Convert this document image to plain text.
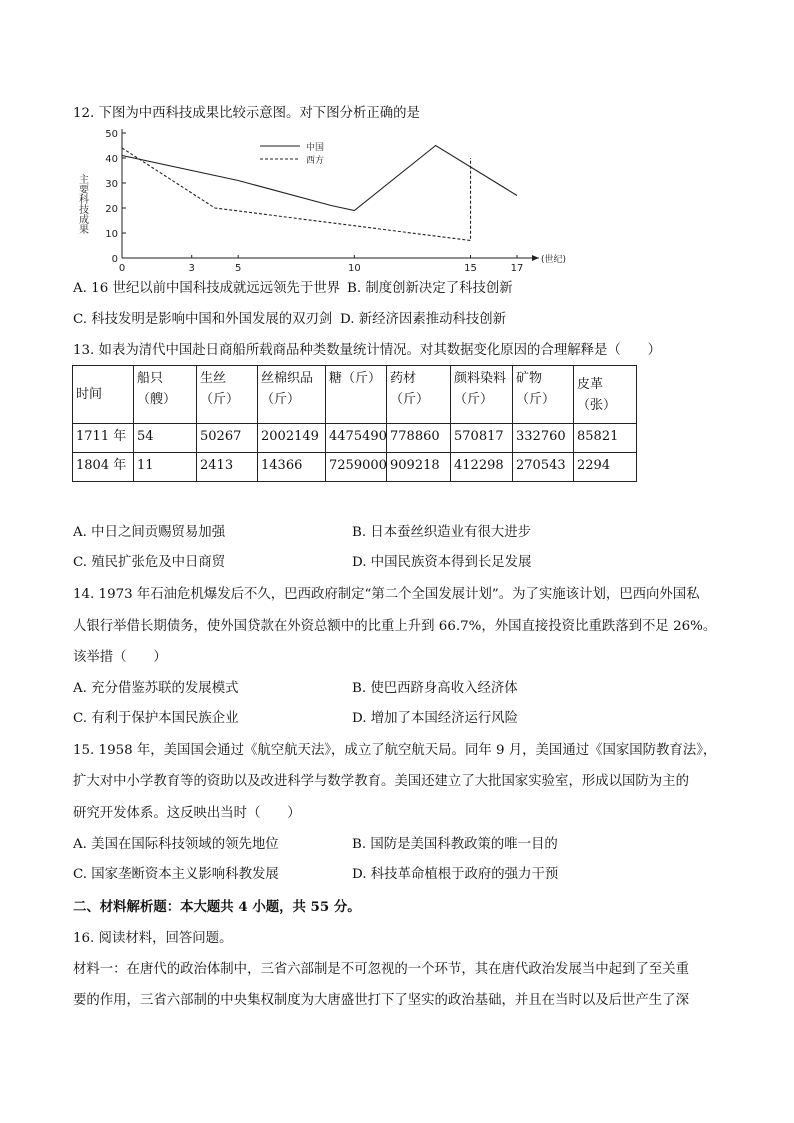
12. 下图为中西科技成果比较示意图。对下图分析正确的是
0
10
20
30
40
50
0	3	5	10	15	17
中国
西方
主要科技成果
(世纪)
A. 16 世纪以前中国科技成就远远领先于世界 B. 制度创新决定了科技创新
C. 科技发明是影响中国和外国发展的双刃剑 D. 新经济因素推动科技创新
13. 如表为清代中国赴日商船所载商品种类数量统计情况。对其数据变化原因的合理解释是（　　）
时间	船只（艘）	生丝（斤）	丝棉织品（斤）	糖（斤）	药材（斤）	颜料染料（斤）	矿物（斤）	皮革（张）
1711 年	54	50267	2002149	4475490	778860	570817	332760	85821
1804 年	11	2413	14366	7259000	909218	412298	270543	2294
A. 中日之间贡赐贸易加强	B. 日本蚕丝织造业有很大进步
C. 殖民扩张危及中日商贸	D. 中国民族资本得到长足发展
14. 1973 年石油危机爆发后不久，巴西政府制定“第二个全国发展计划”。为了实施该计划，巴西向外国私
人银行举借长期债务，使外国贷款在外资总额中的比重上升到 66.7%，外国直接投资比重跌落到不足 26%。
该举措（　　）
A. 充分借鉴苏联的发展模式	B. 使巴西跻身高收入经济体
C. 有利于保护本国民族企业	D. 增加了本国经济运行风险
15. 1958 年，美国国会通过《航空航天法》，成立了航空航天局。同年 9 月，美国通过《国家国防教育法》，
扩大对中小学教育等的资助以及改进科学与数学教育。美国还建立了大批国家实验室，形成以国防为主的
研究开发体系。这反映出当时（　　）
A. 美国在国际科技领域的领先地位	B. 国防是美国科教政策的唯一目的
C. 国家垄断资本主义影响科教发展	D. 科技革命植根于政府的强力干预
二、材料解析题：本大题共 4 小题，共 55 分。
16. 阅读材料，回答问题。
材料一：在唐代的政治体制中，三省六部制是不可忽视的一个环节，其在唐代政治发展当中起到了至关重
要的作用，三省六部制的中央集权制度为大唐盛世打下了坚实的政治基础，并且在当时以及后世产生了深
